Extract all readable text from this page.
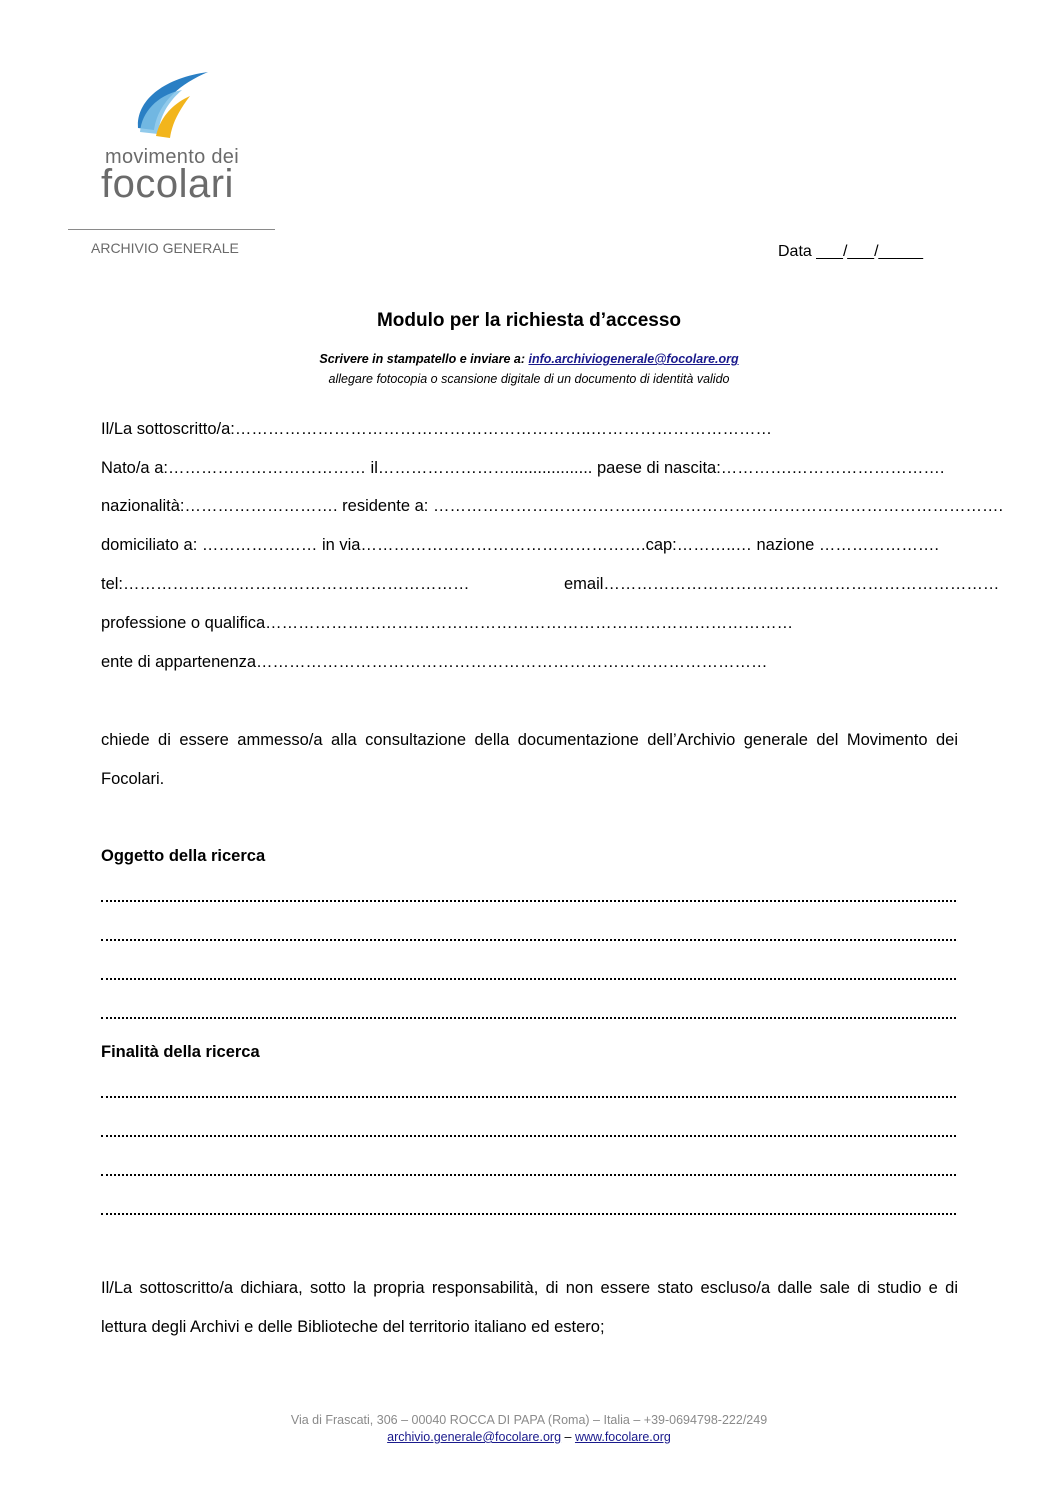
movimento dei
focolari
ARCHIVIO GENERALE	Data ___/___/_____
Modulo per la richiesta d’accesso
Scrivere in stampatello e inviare a: info.archiviogenerale@focolare.org
allegare fotocopia o scansione digitale di un documento di identità valido
Il/La sottoscritto/a:………………………………………………………..……………………………
Nato/a a:……………………………… il…………………….................. paese di nascita:………….……………………….
nazionalità:………………………. residente a: ……………………………….………………………………………………………….
domiciliato a: ………………… in via…………………………………………….cap:………..… nazione ………………….
tel:………………………………………………………	email………………………………………………………………
professione o qualifica……………………………………………………………………………………
ente di appartenenza…………………………………………………………………………………
chiede di essere ammesso/a alla consultazione della documentazione dell’Archivio generale del Movimento dei Focolari.
Oggetto della ricerca
Finalità della ricerca
Il/La sottoscritto/a dichiara, sotto la propria responsabilità, di non essere stato escluso/a dalle sale di studio e di lettura degli Archivi e delle Biblioteche del territorio italiano ed estero;
Via di Frascati, 306 – 00040 ROCCA DI PAPA (Roma) – Italia – +39-0694798-222/249
archivio.generale@focolare.org – www.focolare.org
